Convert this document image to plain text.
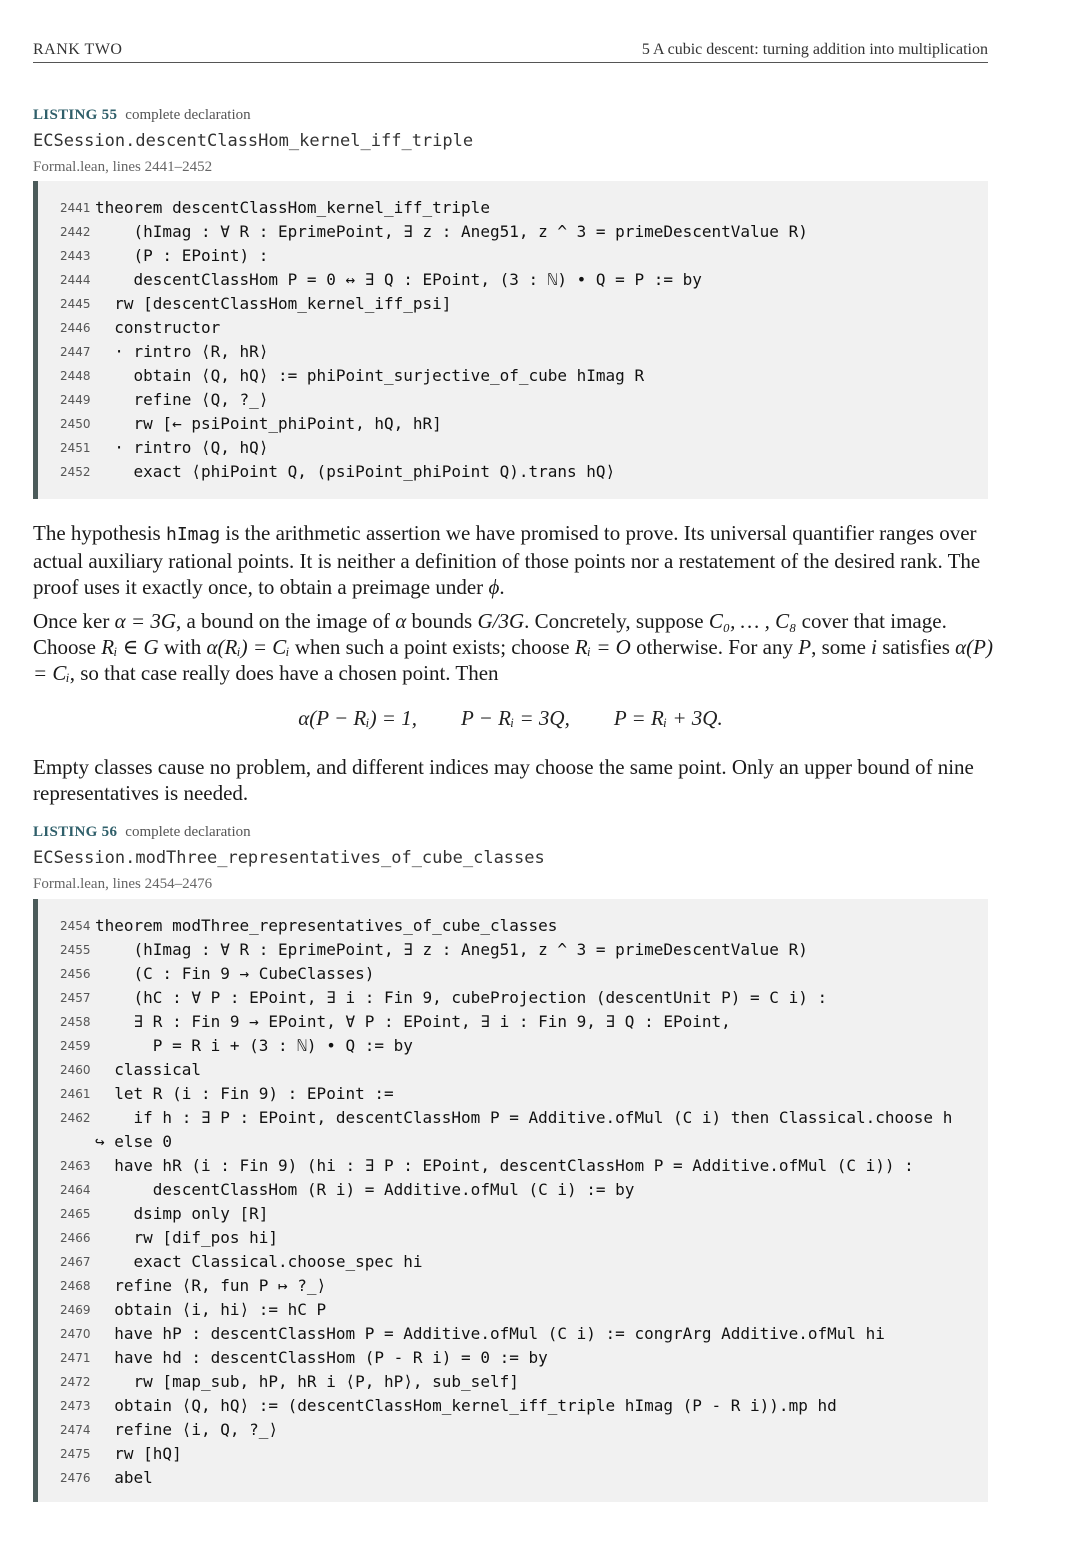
RANK TWO	5 A cubic descent: turning addition into multiplication
LISTING 55 complete declaration
ECSession.descentClassHom_kernel_iff_triple
Formal.lean, lines 2441–2452
2441 theorem descentClassHom_kernel_iff_triple
2442 (hImag : ∀ R : EprimePoint, ∃ z : Aneg51, z ^ 3 = primeDescentValue R)
2443 (P : EPoint) :
2444 descentClassHom P = 0 ↔ ∃ Q : EPoint, (3 : ℕ) • Q = P := by
2445 rw [descentClassHom_kernel_iff_psi]
2446 constructor
2447 · rintro ⟨R, hR⟩
2448 obtain ⟨Q, hQ⟩ := phiPoint_surjective_of_cube hImag R
2449 refine ⟨Q, ?_⟩
2450 rw [← psiPoint_phiPoint, hQ, hR]
2451 · rintro ⟨Q, hQ⟩
2452 exact ⟨phiPoint Q, (psiPoint_phiPoint Q).trans hQ⟩

The hypothesis hImag is the arithmetic assertion we have promised to prove. Its universal quantifier ranges over actual auxiliary rational points. It is neither a definition of those points nor a restatement of the desired rank. The proof uses it exactly once, to obtain a preimage under ϕ.

Once ker α = 3G, a bound on the image of α bounds G/3G. Concretely, suppose C₀, … , C₈ cover that image. Choose Rᵢ ∈ G with α(Rᵢ) = Cᵢ when such a point exists; choose Rᵢ = O otherwise. For any P, some i satisfies α(P) = Cᵢ, so that case really does have a chosen point. Then

α(P − Rᵢ) = 1, P − Rᵢ = 3Q, P = Rᵢ + 3Q.
Empty classes cause no problem, and different indices may choose the same point. Only an upper bound of nine representatives is needed.
LISTING 56 complete declaration
ECSession.modThree_representatives_of_cube_classes
Formal.lean, lines 2454–2476
2454 theorem modThree_representatives_of_cube_classes
2455 (hImag : ∀ R : EprimePoint, ∃ z : Aneg51, z ^ 3 = primeDescentValue R)
2456 (C : Fin 9 → CubeClasses)
2457 (hC : ∀ P : EPoint, ∃ i : Fin 9, cubeProjection (descentUnit P) = C i) :
2458 ∃ R : Fin 9 → EPoint, ∀ P : EPoint, ∃ i : Fin 9, ∃ Q : EPoint,
2459 P = R i + (3 : ℕ) • Q := by
2460 classical
2461 let R (i : Fin 9) : EPoint :=
2462 if h : ∃ P : EPoint, descentClassHom P = Additive.ofMul (C i) then Classical.choose h
↪ else 0
2463 have hR (i : Fin 9) (hi : ∃ P : EPoint, descentClassHom P = Additive.ofMul (C i)) :
2464 descentClassHom (R i) = Additive.ofMul (C i) := by
2465 dsimp only [R]
2466 rw [dif_pos hi]
2467 exact Classical.choose_spec hi
2468 refine ⟨R, fun P ↦ ?_⟩
2469 obtain ⟨i, hi⟩ := hC P
2470 have hP : descentClassHom P = Additive.ofMul (C i) := congrArg Additive.ofMul hi
2471 have hd : descentClassHom (P - R i) = 0 := by
2472 rw [map_sub, hP, hR i ⟨P, hP⟩, sub_self]
2473 obtain ⟨Q, hQ⟩ := (descentClassHom_kernel_iff_triple hImag (P - R i)).mp hd
2474 refine ⟨i, Q, ?_⟩
2475 rw [hQ]
2476 abel
